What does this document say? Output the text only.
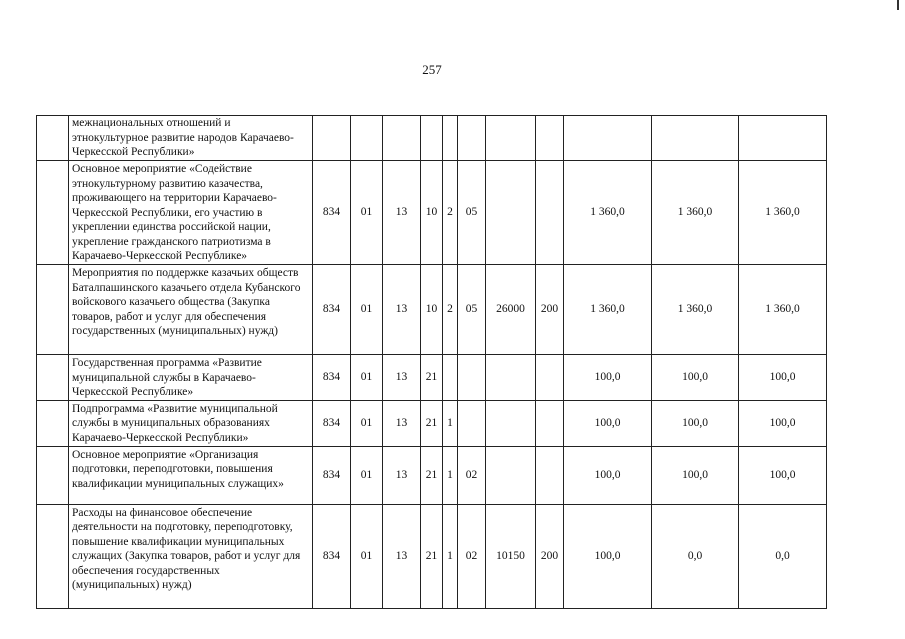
257
	межнациональных отношений и этнокультурное развитие народов Карачаево-Черкесской Республики»											
	Основное мероприятие «Содействие этнокультурному развитию казачества, проживающего на территории Карачаево-Черкесской Республики, его участию в укреплении единства российской нации, укрепление гражданского патриотизма в Карачаево-Черкесской Республике»	834	01	13	10	2	05			1 360,0	1 360,0	1 360,0
	Мероприятия по поддержке казачьих обществ Баталпашинского казачьего отдела Кубанского войскового казачьего общества (Закупка товаров, работ и услуг для обеспечения государственных (муниципальных) нужд)	834	01	13	10	2	05	26000	200	1 360,0	1 360,0	1 360,0
	Государственная программа «Развитие муниципальной службы в Карачаево-Черкесской Республике»	834	01	13	21					100,0	100,0	100,0
	Подпрограмма «Развитие муниципальной службы в муниципальных образованиях Карачаево-Черкесской Республики»	834	01	13	21	1				100,0	100,0	100,0
	Основное мероприятие «Организация подготовки, переподготовки, повышения квалификации муниципальных служащих»	834	01	13	21	1	02			100,0	100,0	100,0
	Расходы на финансовое обеспечение деятельности на подготовку, переподготовку, повышение квалификации муниципальных служащих (Закупка товаров, работ и услуг для обеспечения государственных (муниципальных) нужд)	834	01	13	21	1	02	10150	200	100,0	0,0	0,0
